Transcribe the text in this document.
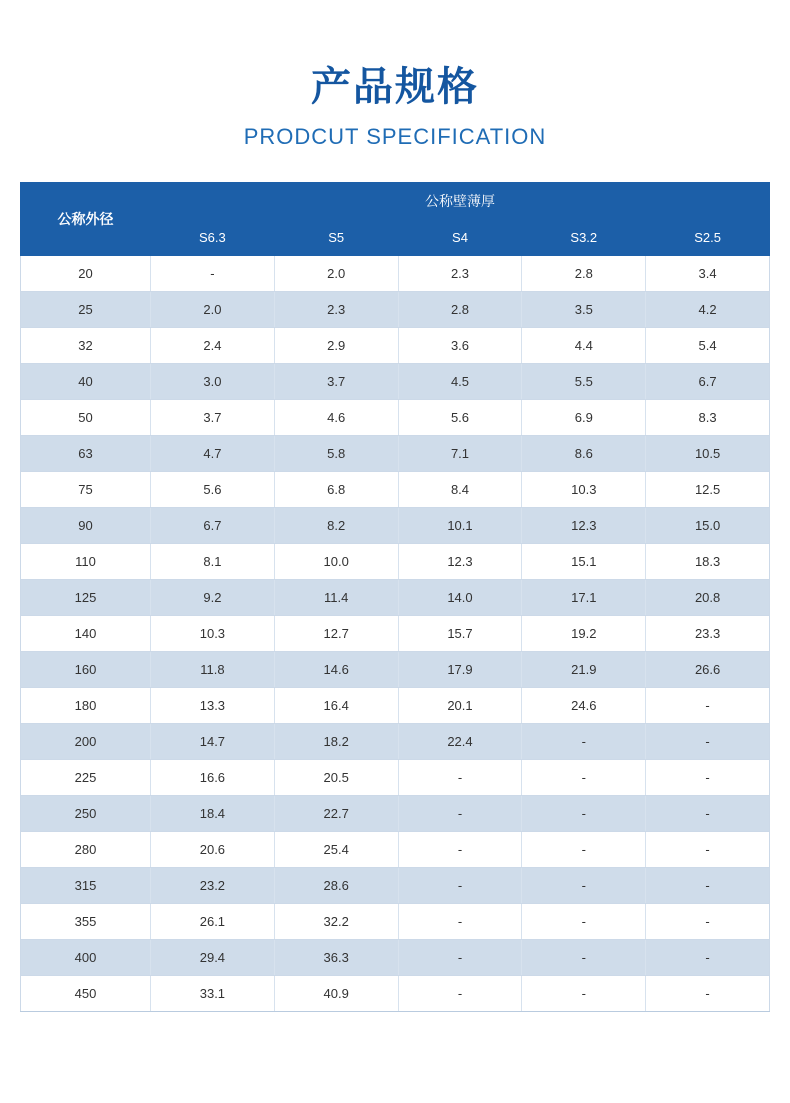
产品规格
PRODCUT SPECIFICATION
公称外径	公称壁薄厚				
	S6.3	S5	S4	S3.2	S2.5
20	-	2.0	2.3	2.8	3.4
25	2.0	2.3	2.8	3.5	4.2
32	2.4	2.9	3.6	4.4	5.4
40	3.0	3.7	4.5	5.5	6.7
50	3.7	4.6	5.6	6.9	8.3
63	4.7	5.8	7.1	8.6	10.5
75	5.6	6.8	8.4	10.3	12.5
90	6.7	8.2	10.1	12.3	15.0
110	8.1	10.0	12.3	15.1	18.3
125	9.2	11.4	14.0	17.1	20.8
140	10.3	12.7	15.7	19.2	23.3
160	11.8	14.6	17.9	21.9	26.6
180	13.3	16.4	20.1	24.6	-
200	14.7	18.2	22.4	-	-
225	16.6	20.5	-	-	-
250	18.4	22.7	-	-	-
280	20.6	25.4	-	-	-
315	23.2	28.6	-	-	-
355	26.1	32.2	-	-	-
400	29.4	36.3	-	-	-
450	33.1	40.9	-	-	-
